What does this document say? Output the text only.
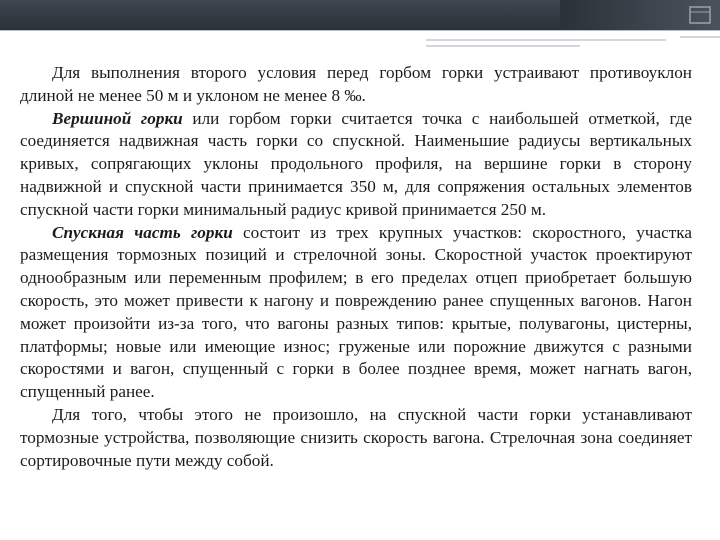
Для выполнения второго условия перед горбом горки устраивают противоуклон длиной не менее 50 м и уклоном не менее 8 ‰.

Вершиной горки или горбом горки считается точка с наибольшей отметкой, где соединяется надвижная часть горки со спускной. Наименьшие радиусы вертикальных кривых, сопрягающих уклоны продольного профиля, на вершине горки в сторону надвижной и спускной части принимается 350 м, для сопряжения остальных элементов спускной части горки минимальный радиус кривой принимается 250 м.

Спускная часть горки состоит из трех крупных участков: скоростного, участка размещения тормозных позиций и стрелочной зоны. Скоростной участок проектируют однообразным или переменным профилем; в его пределах отцеп приобретает большую скорость, это может привести к нагону и повреждению ранее спущенных вагонов. Нагон может произойти из-за того, что вагоны разных типов: крытые, полувагоны, цистерны, платформы; новые или имеющие износ; груженые или порожние движутся с разными скоростями и вагон, спущенный с горки в более позднее время, может нагнать вагон, спущенный ранее.

Для того, чтобы этого не произошло, на спускной части горки устанавливают тормозные устройства, позволяющие снизить скорость вагона. Стрелочная зона соединяет сортировочные пути между собой.
